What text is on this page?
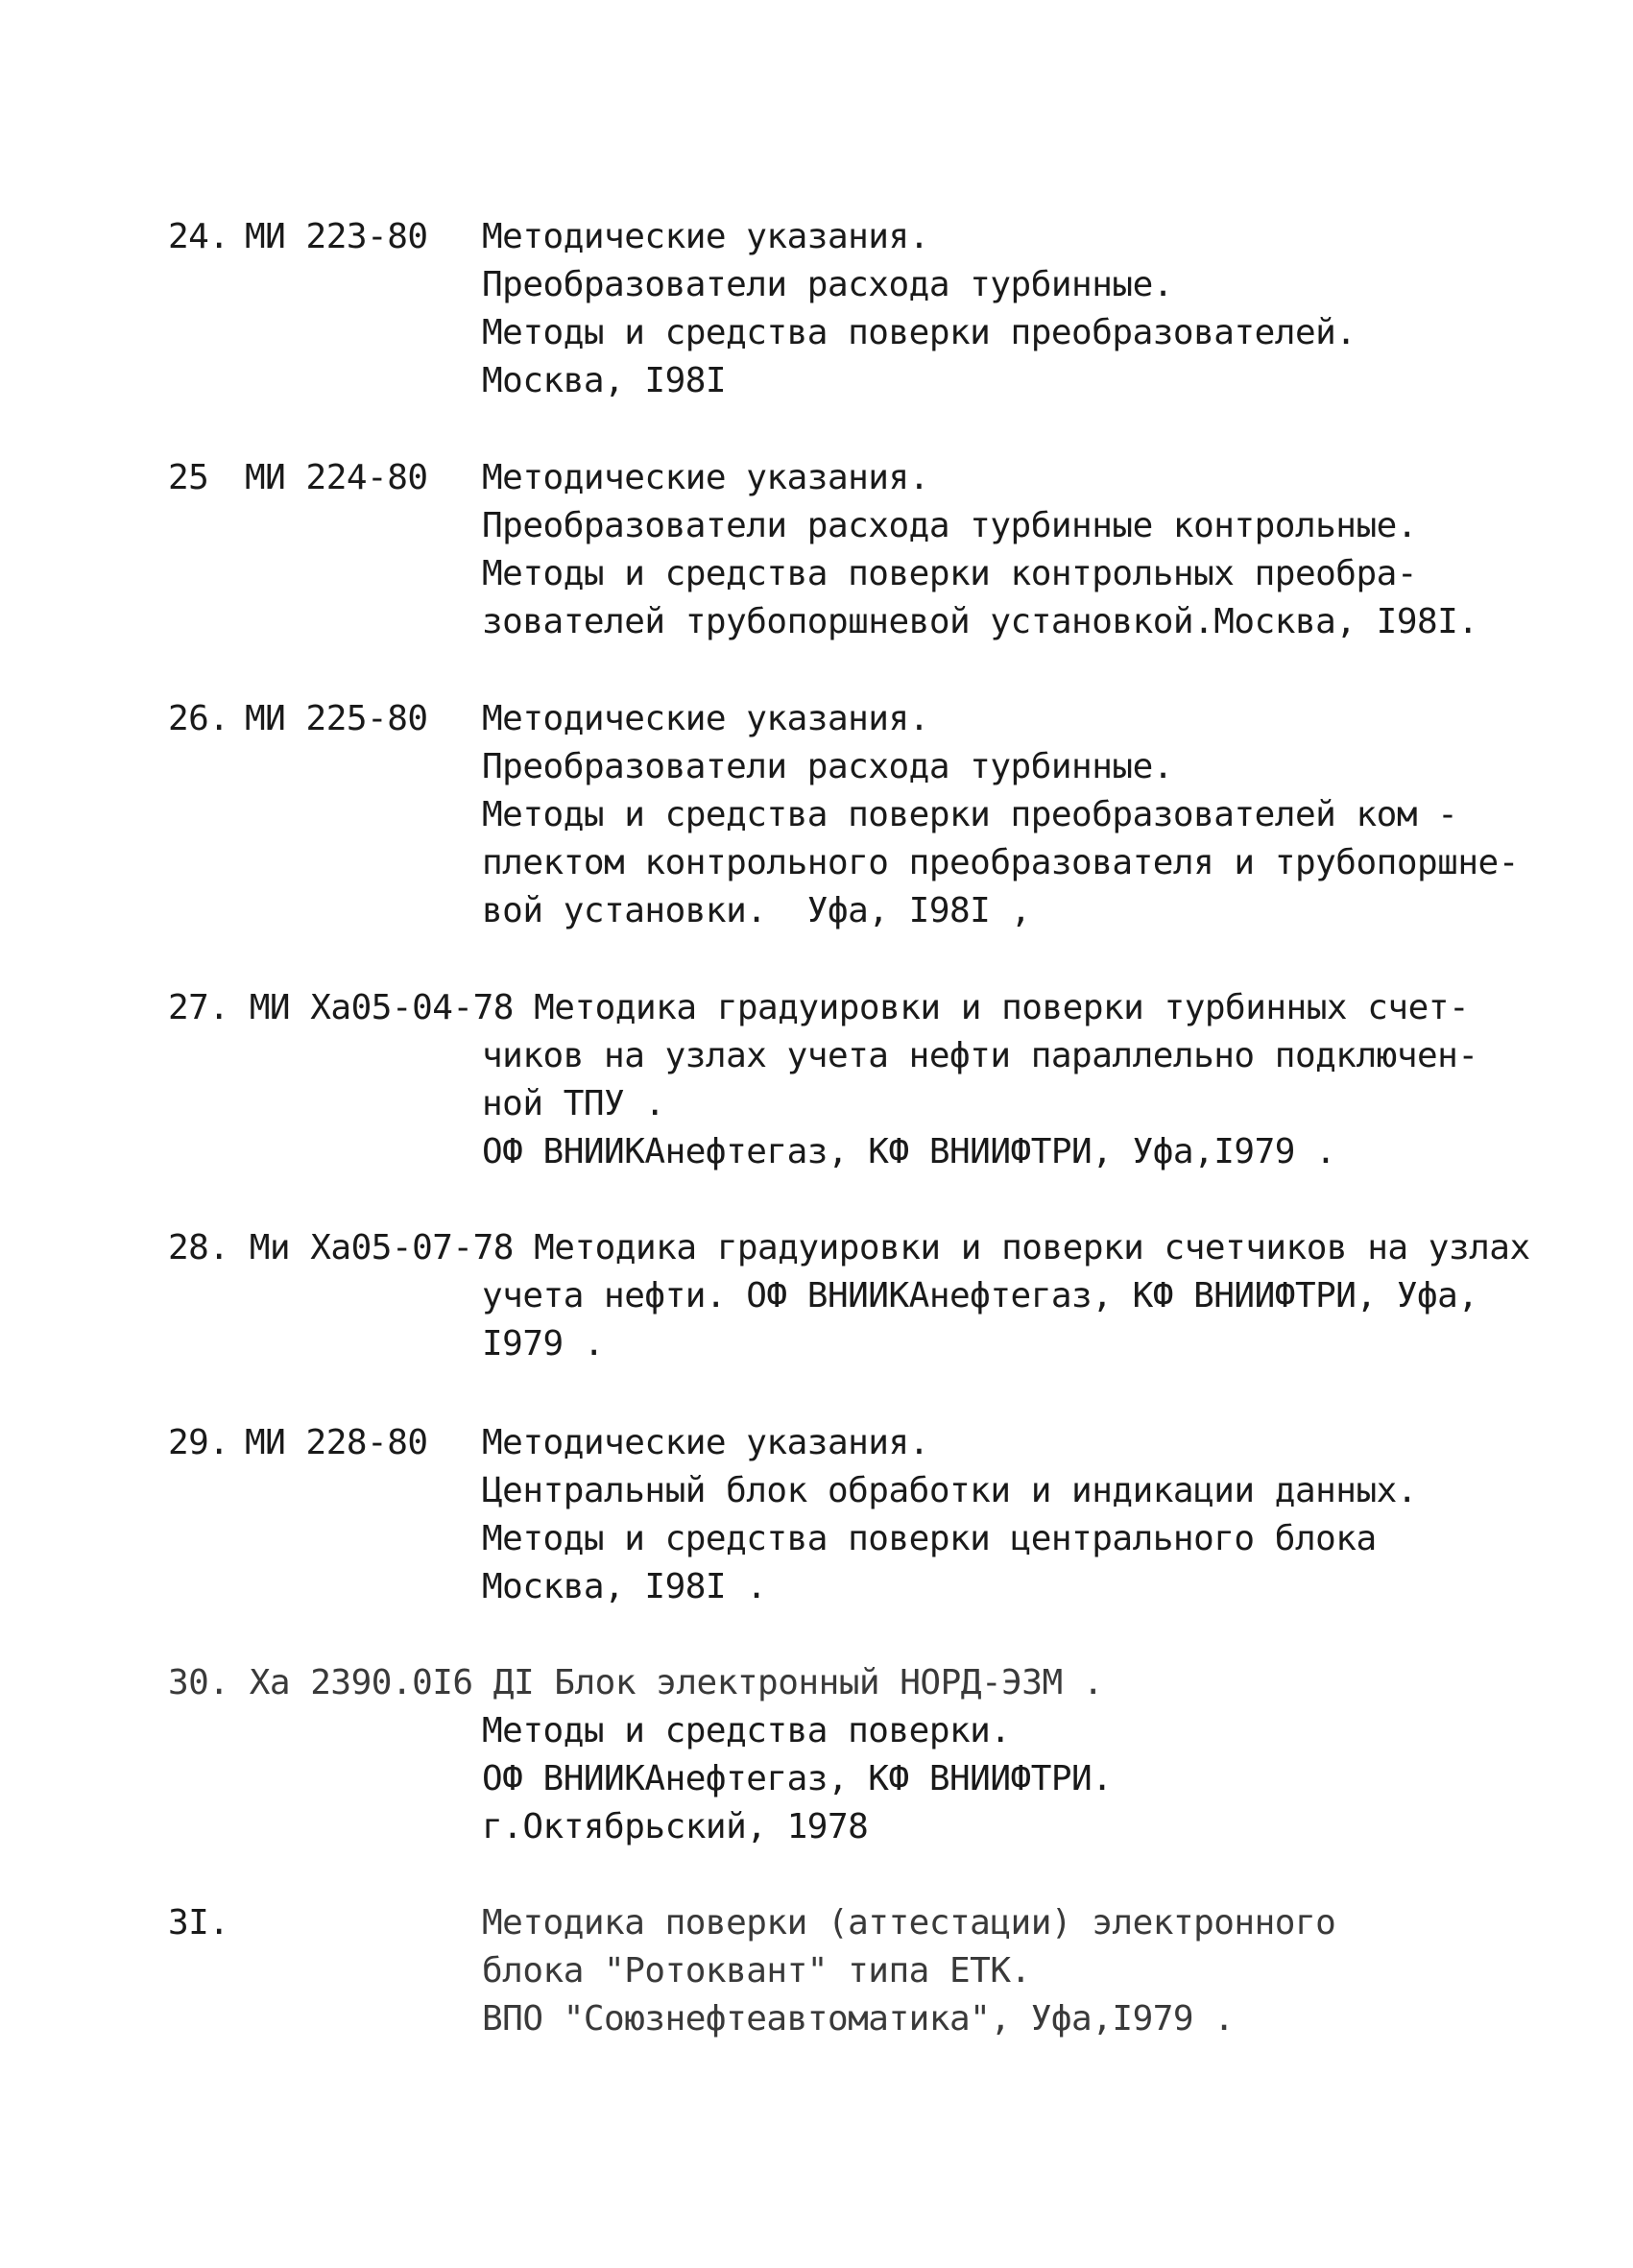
24. МИ 223-80 Методические указания.
Преобразователи расхода турбинные.
Методы и средства поверки преобразователей.
Москва, I98I
25 МИ 224-80 Методические указания.
Преобразователи расхода турбинные контрольные.
Методы и средства поверки контрольных преобра-
зователей трубопоршневой установкой.Москва, I98I.
26. МИ 225-80 Методические указания.
Преобразователи расхода турбинные.
Методы и средства поверки преобразователей ком -
плектом контрольного преобразователя и трубопоршне-
вой установки.  Уфа, I98I ,
27. МИ Ха05-04-78 Методика градуировки и поверки турбинных счет-
чиков на узлах учета нефти параллельно подключен-
ной ТПУ .
ОФ ВНИИКАнефтегаз, КФ ВНИИФТРИ, Уфа,I979 .
28. Ми Ха05-07-78 Методика градуировки и поверки счетчиков на узлах
учета нефти. ОФ ВНИИКАнефтегаз, КФ ВНИИФТРИ, Уфа,
I979 .
29. МИ 228-80 Методические указания.
Центральный блок обработки и индикации данных.
Методы и средства поверки центрального блока
Москва, I98I .
30. Ха 2390.0I6 ДI Блок электронный НОРД-ЭЗМ .
Методы и средства поверки.
ОФ ВНИИКАнефтегаз, КФ ВНИИФТРИ.
г.Октябрьский, 1978
3I.	Методика поверки (аттестации) электронного
блока "Ротоквант" типа ЕТК.
ВПО "Союзнефтеавтоматика", Уфа,I979 .
